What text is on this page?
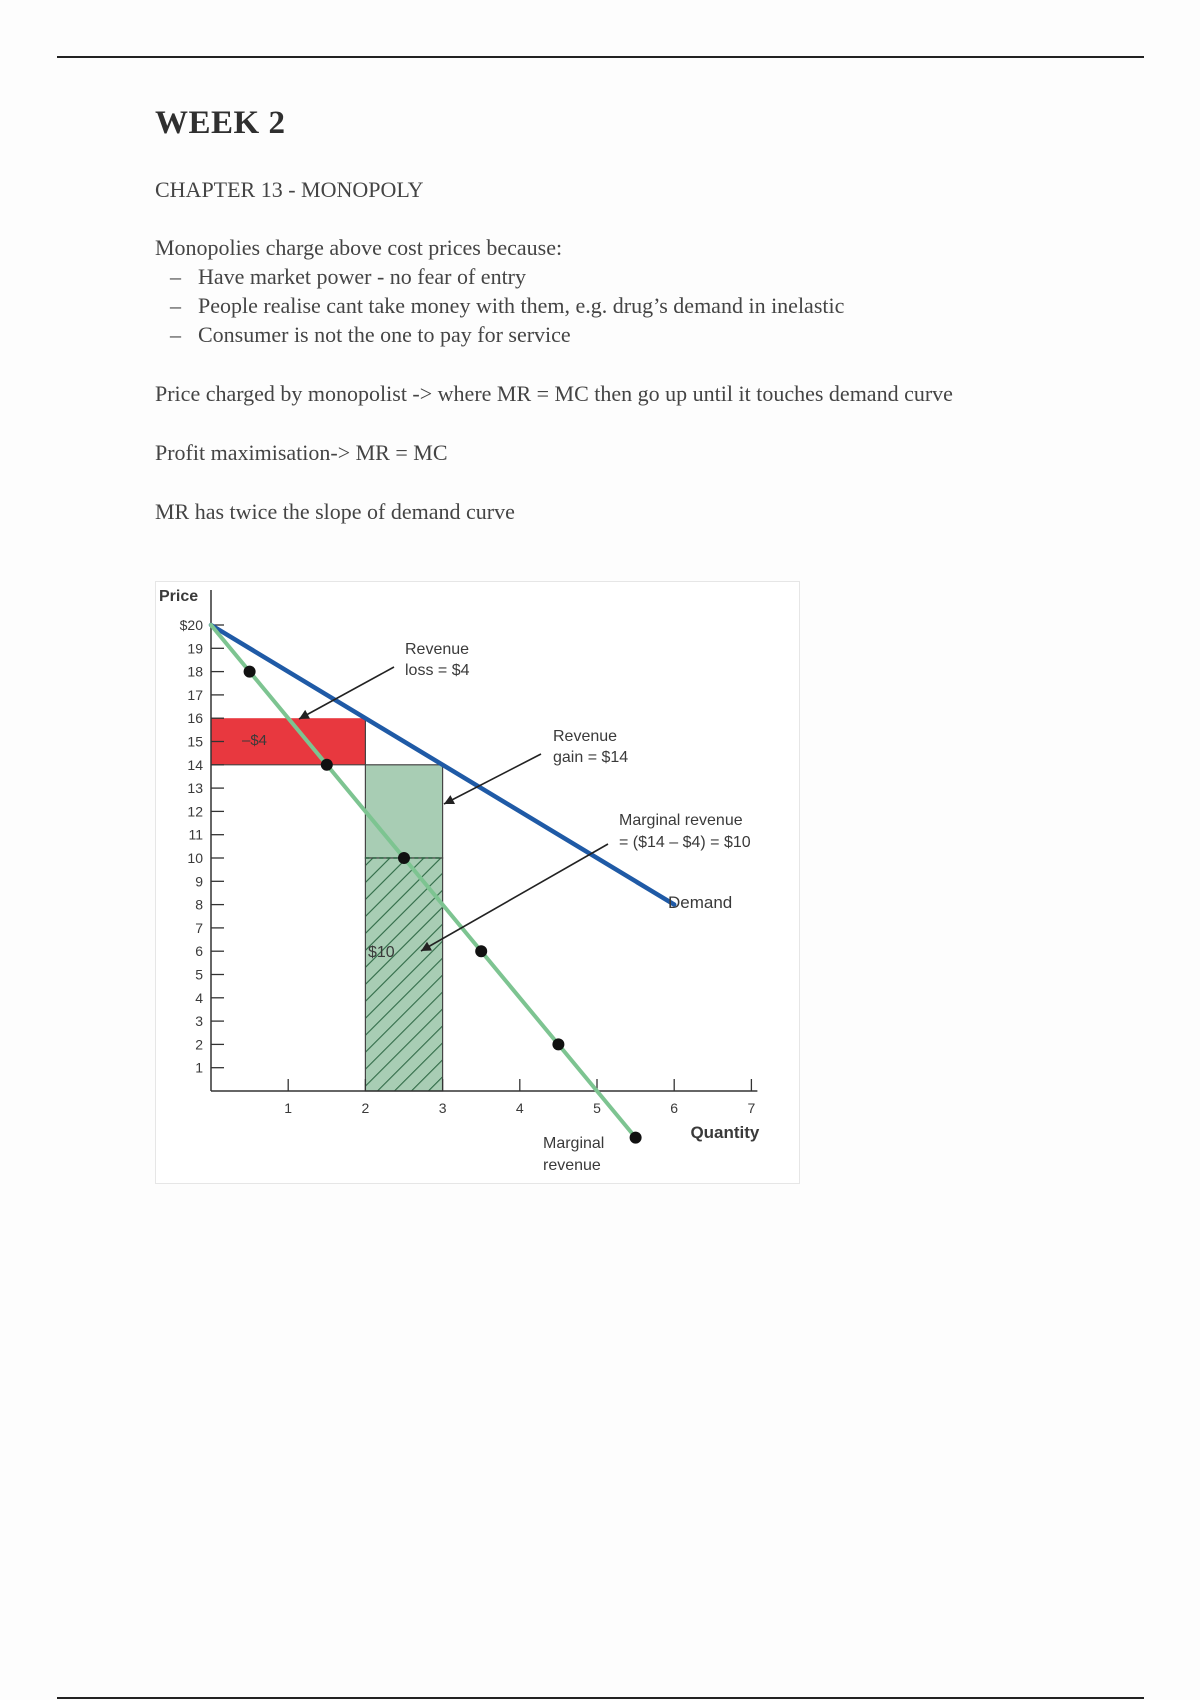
WEEK 2

CHAPTER 13 - MONOPOLY

Monopolies charge above cost prices because:

– Have market power - no fear of entry
– People realise cant take money with them, e.g. drug’s demand in inelastic
– Consumer is not the one to pay for service

Price charged by monopolist -> where MR = MC then go up until it touches demand curve

Profit maximisation-> MR = MC

MR has twice the slope of demand curve

Price
Quantity
$20
19
18
17
16
15
14
13
12
11
10
9
8
7
6
5
4
3
2
1
1	2	3	4	5	6	7
Revenue
loss = $4
Revenue
gain = $14
Marginal revenue
= ($14 – $4) = $10
$10
–$4
Demand
Marginal
revenue
